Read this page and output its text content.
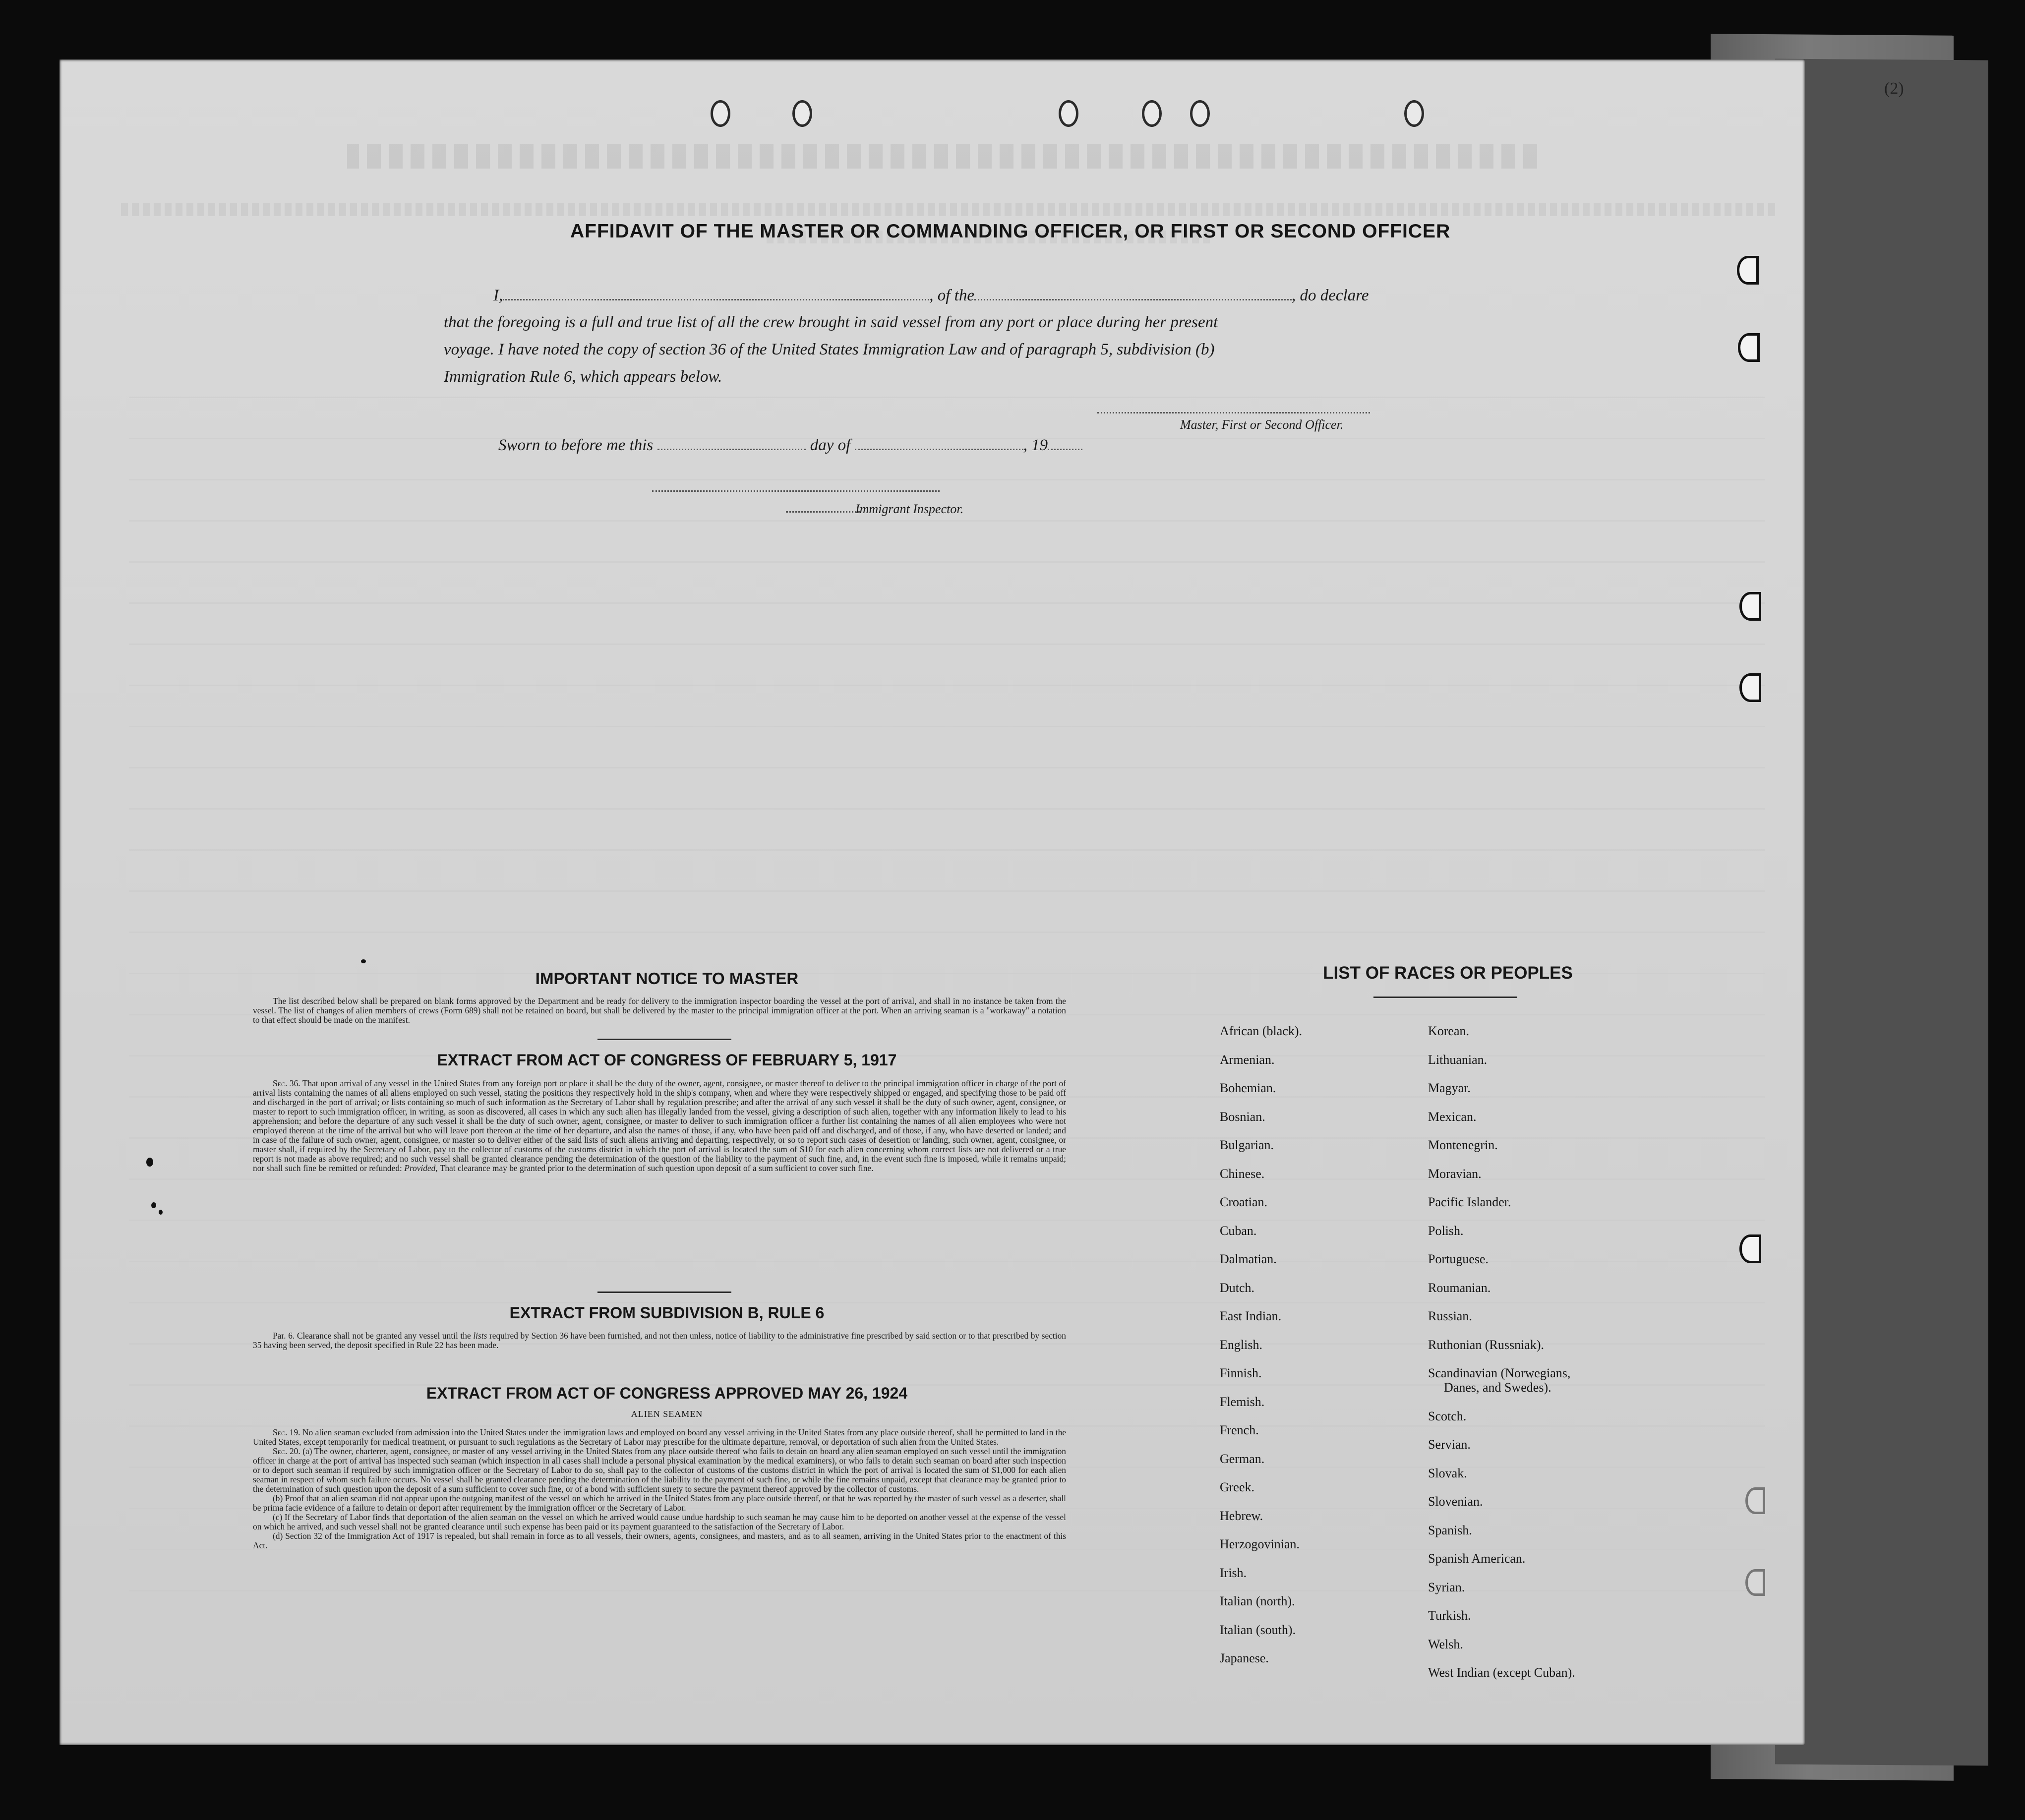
(2)
AFFIDAVIT OF THE MASTER OR COMMANDING OFFICER, OR FIRST OR SECOND OFFICER
I,	, of the	, do declare
that the foregoing is a full and true list of all the crew brought in said vessel from any port or place during her present
voyage. I have noted the copy of section 36 of the United States Immigration Law and of paragraph 5, subdivision (b)
Immigration Rule 6, which appears below.
Master, First or Second Officer.
Sworn to before me this	day of	, 19
Immigrant Inspector.
IMPORTANT NOTICE TO MASTER

The list described below shall be prepared on blank forms approved by the Department and be ready for delivery to the immigration inspector boarding the vessel at the port of arrival, and shall in no instance be taken from the vessel. The list of changes of alien members of crews (Form 689) shall not be retained on board, but shall be delivered by the master to the principal immigration officer at the port. When an arriving seaman is a "workaway" a notation to that effect should be made on the manifest.

EXTRACT FROM ACT OF CONGRESS OF FEBRUARY 5, 1917

Sec. 36. That upon arrival of any vessel in the United States from any foreign port or place it shall be the duty of the owner, agent, consignee, or master thereof to deliver to the principal immigration officer in charge of the port of arrival lists containing the names of all aliens employed on such vessel, stating the positions they respectively hold in the ship's company, when and where they were respectively shipped or engaged, and specifying those to be paid off and discharged in the port of arrival; or lists containing so much of such information as the Secretary of Labor shall by regulation prescribe; and after the arrival of any such vessel it shall be the duty of such owner, agent, consignee, or master to report to such immigration officer, in writing, as soon as discovered, all cases in which any such alien has illegally landed from the vessel, giving a description of such alien, together with any information likely to lead to his apprehension; and before the departure of any such vessel it shall be the duty of such owner, agent, consignee, or master to deliver to such immigration officer a further list containing the names of all alien employees who were not employed thereon at the time of the arrival but who will leave port thereon at the time of her departure, and also the names of those, if any, who have been paid off and discharged, and of those, if any, who have deserted or landed; and in case of the failure of such owner, agent, consignee, or master so to deliver either of the said lists of such aliens arriving and departing, respectively, or so to report such cases of desertion or landing, such owner, agent, consignee, or master shall, if required by the Secretary of Labor, pay to the collector of customs of the customs district in which the port of arrival is located the sum of $10 for each alien concerning whom correct lists are not delivered or a true report is not made as above required; and no such vessel shall be granted clearance pending the determination of the question of the liability to the payment of such fine, and, in the event such fine is imposed, while it remains unpaid; nor shall such fine be remitted or refunded: Provided, That clearance may be granted prior to the determination of such question upon deposit of a sum sufficient to cover such fine.

EXTRACT FROM SUBDIVISION B, RULE 6

Par. 6. Clearance shall not be granted any vessel until the lists required by Section 36 have been furnished, and not then unless, notice of liability to the administrative fine prescribed by said section or to that prescribed by section 35 having been served, the deposit specified in Rule 22 has been made.

EXTRACT FROM ACT OF CONGRESS APPROVED MAY 26, 1924
ALIEN SEAMEN

Sec. 19. No alien seaman excluded from admission into the United States under the immigration laws and employed on board any vessel arriving in the United States from any place outside thereof, shall be permitted to land in the United States, except temporarily for medical treatment, or pursuant to such regulations as the Secretary of Labor may prescribe for the ultimate departure, removal, or deportation of such alien from the United States.

Sec. 20. (a) The owner, charterer, agent, consignee, or master of any vessel arriving in the United States from any place outside thereof who fails to detain on board any alien seaman employed on such vessel until the immigration officer in charge at the port of arrival has inspected such seaman (which inspection in all cases shall include a personal physical examination by the medical examiners), or who fails to detain such seaman on board after such inspection or to deport such seaman if required by such immigration officer or the Secretary of Labor to do so, shall pay to the collector of customs of the customs district in which the port of arrival is located the sum of $1,000 for each alien seaman in respect of whom such failure occurs. No vessel shall be granted clearance pending the determination of the liability to the payment of such fine, or while the fine remains unpaid, except that clearance may be granted prior to the determination of such question upon the deposit of a sum sufficient to cover such fine, or of a bond with sufficient surety to secure the payment thereof approved by the collector of customs.

(b) Proof that an alien seaman did not appear upon the outgoing manifest of the vessel on which he arrived in the United States from any place outside thereof, or that he was reported by the master of such vessel as a deserter, shall be prima facie evidence of a failure to detain or deport after requirement by the immigration officer or the Secretary of Labor.

(c) If the Secretary of Labor finds that deportation of the alien seaman on the vessel on which he arrived would cause undue hardship to such seaman he may cause him to be deported on another vessel at the expense of the vessel on which he arrived, and such vessel shall not be granted clearance until such expense has been paid or its payment guaranteed to the satisfaction of the Secretary of Labor.

(d) Section 32 of the Immigration Act of 1917 is repealed, but shall remain in force as to all vessels, their owners, agents, consignees, and masters, and as to all seamen, arriving in the United States prior to the enactment of this Act.

LIST OF RACES OR PEOPLES
African (black).
Armenian.
Bohemian.
Bosnian.
Bulgarian.
Chinese.
Croatian.
Cuban.
Dalmatian.
Dutch.
East Indian.
English.
Finnish.
Flemish.
French.
German.
Greek.
Hebrew.
Herzogovinian.
Irish.
Italian (north).
Italian (south).
Japanese.
Korean.
Lithuanian.
Magyar.
Mexican.
Montenegrin.
Moravian.
Pacific Islander.
Polish.
Portuguese.
Roumanian.
Russian.
Ruthonian (Russniak).
Scandinavian (Norwegians,
Danes, and Swedes).
Scotch.
Servian.
Slovak.
Slovenian.
Spanish.
Spanish American.
Syrian.
Turkish.
Welsh.
West Indian (except Cuban).
